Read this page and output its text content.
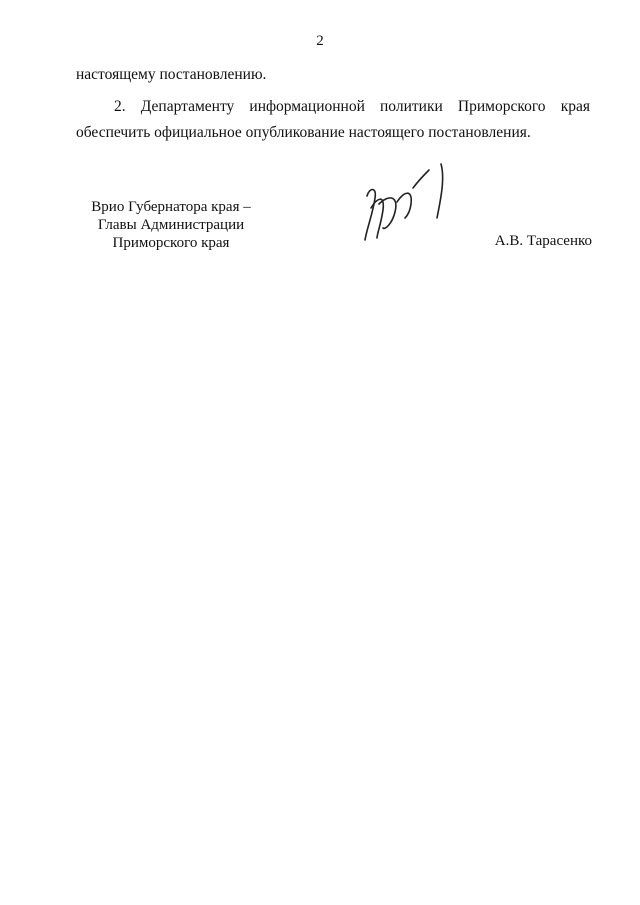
2

настоящему постановлению.

2. Департаменту информационной политики Приморского края обеспечить официальное опубликование настоящего постановления.

Врио Губернатора края –
Главы Администрации
Приморского края	А.В. Тарасенко
